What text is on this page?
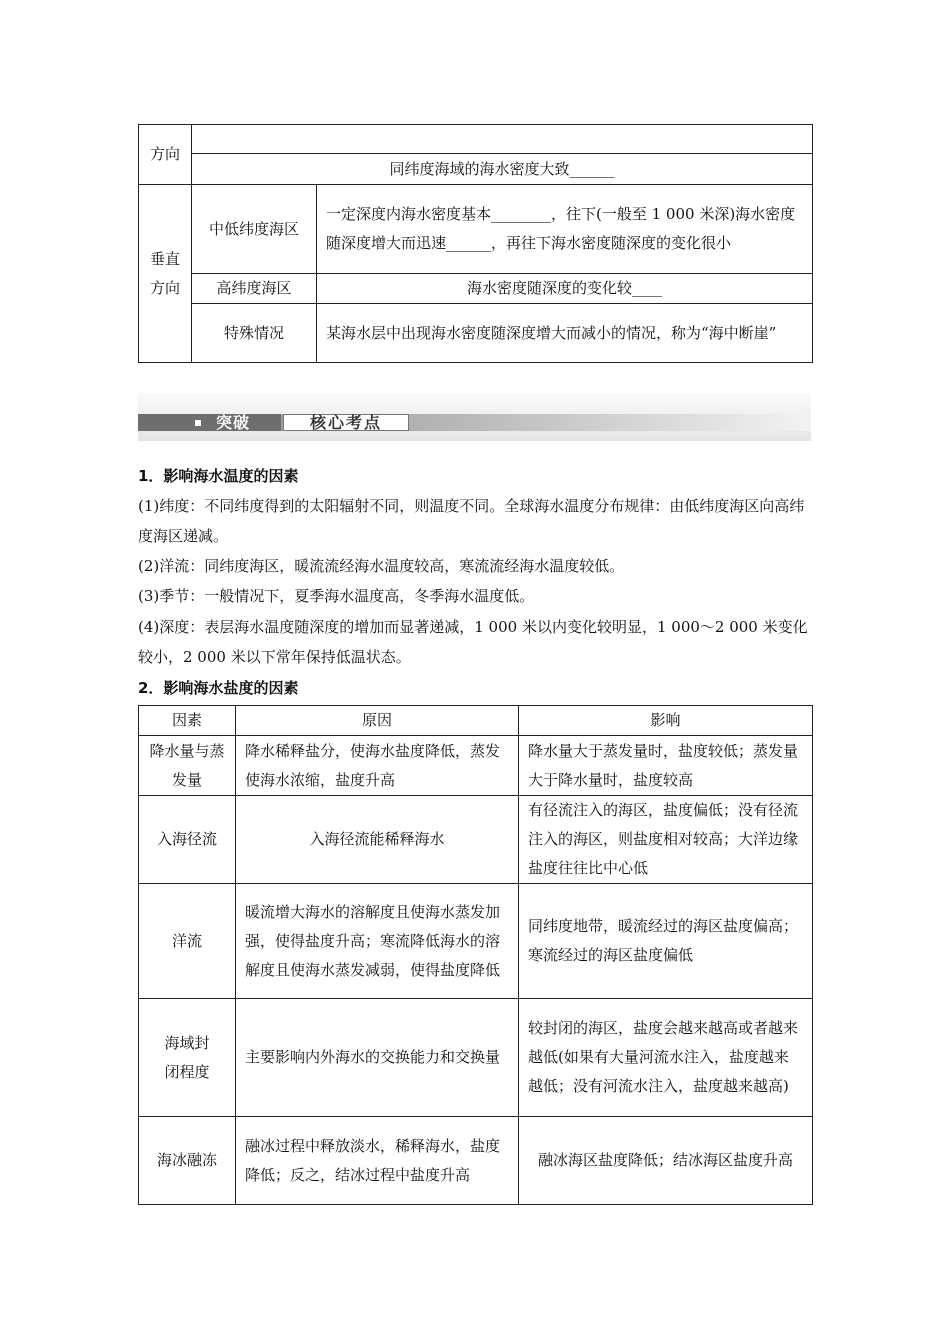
方向		
	同纬度海域的海水密度大致______	
垂直方向	中低纬度海区	一定深度内海水密度基本________，往下(一般至 1 000 米深)海水密度随深度增大而迅速______，再往下海水密度随深度的变化很小
	高纬度海区	海水密度随深度的变化较____
	特殊情况	某海水层中出现海水密度随深度增大而减小的情况，称为“海中断崖”
突破	核心考点

1．影响海水温度的因素

(1)纬度：不同纬度得到的太阳辐射不同，则温度不同。全球海水温度分布规律：由低纬度海区向高纬度海区递减。

(2)洋流：同纬度海区，暖流流经海水温度较高，寒流流经海水温度较低。

(3)季节：一般情况下，夏季海水温度高，冬季海水温度低。

(4)深度：表层海水温度随深度的增加而显著递减，1 000 米以内变化较明显，1 000～2 000 米变化较小，2 000 米以下常年保持低温状态。

2．影响海水盐度的因素

因素	原因	影响
降水量与蒸发量	降水稀释盐分，使海水盐度降低，蒸发使海水浓缩，盐度升高	降水量大于蒸发量时，盐度较低；蒸发量大于降水量时，盐度较高
入海径流	入海径流能稀释海水	有径流注入的海区，盐度偏低；没有径流注入的海区，则盐度相对较高；大洋边缘盐度往往比中心低
洋流	暖流增大海水的溶解度且使海水蒸发加强，使得盐度升高；寒流降低海水的溶解度且使海水蒸发减弱，使得盐度降低	同纬度地带，暖流经过的海区盐度偏高；寒流经过的海区盐度偏低
海域封闭程度	主要影响内外海水的交换能力和交换量	较封闭的海区，盐度会越来越高或者越来越低(如果有大量河流水注入，盐度越来越低；没有河流水注入，盐度越来越高)
海冰融冻	融冰过程中释放淡水，稀释海水，盐度降低；反之，结冰过程中盐度升高	融冰海区盐度降低；结冰海区盐度升高
